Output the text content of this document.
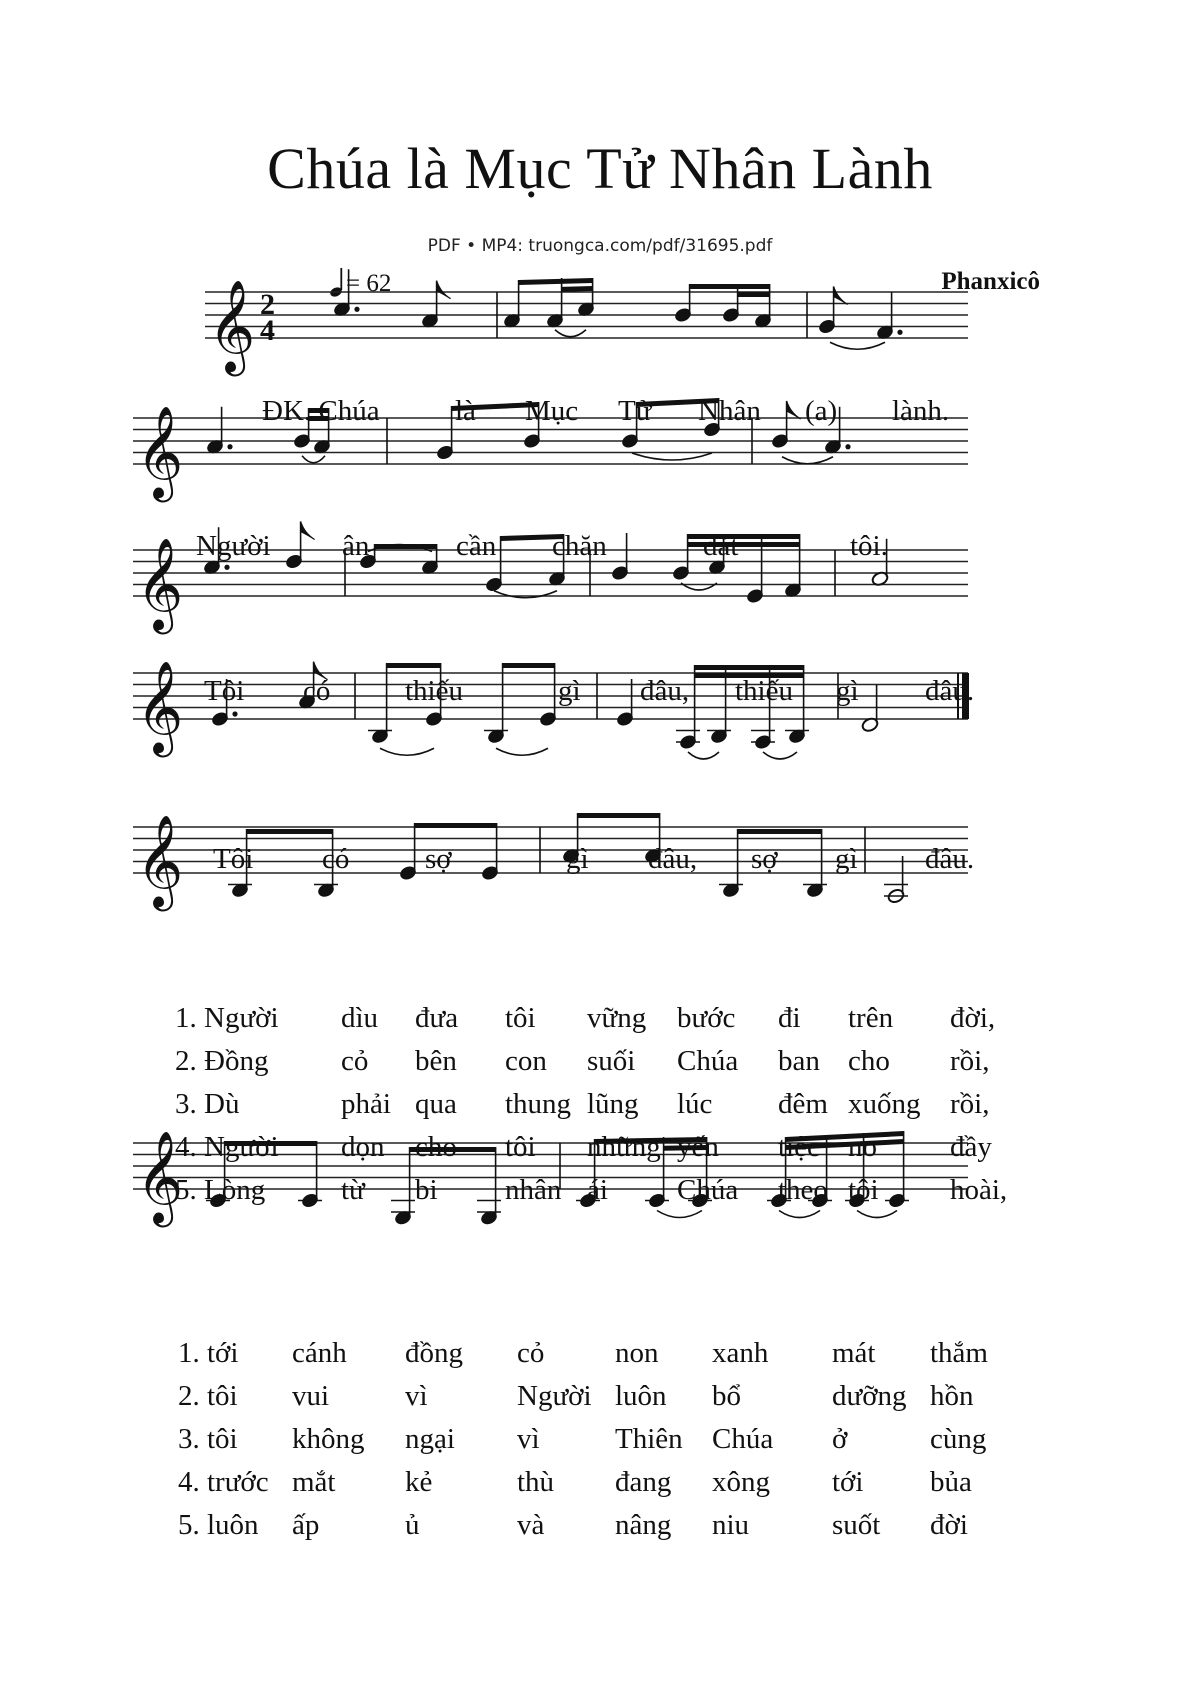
Chúa là Mục Tử Nhân Lành
PDF • MP4: truongca.com/pdf/31695.pdf
= 62	Phanxicô
𝄞 2
4
𝄞
𝄞
𝄞
𝄞
𝄞
ĐK. Chúa	là Mục Tử Nhân (a) lành.
Người ân	cần chăn	dắt	tôi.
Tôi có	thiếu	gì đâu, thiếu gì đâu.
Tôi có	sợ	gì đâu, sợ gì đâu.
1. Người dìu đưa tôi vững bước đi trên đời,
2. Đồng	cỏ bên con suối Chúa ban cho rồi,
3. Dù	phải qua thung lũng lúc đêm xuống rồi,
4. Người dọn cho tôi những yến tiệc no	đầy
5. Lòng	từ bi nhân ái Chúa theo tôi hoài,
1. tới cánh đồng cỏ non xanh mát thắm
2. tôi vui	vì	Người luôn bổ	dưỡng hồn
3. tôi không ngại vì	Thiên Chúa ở	cùng
4. trước mắt kẻ	thù đang xông tới bủa
5. luôn ấp	ủ	và nâng niu	suốt đời
